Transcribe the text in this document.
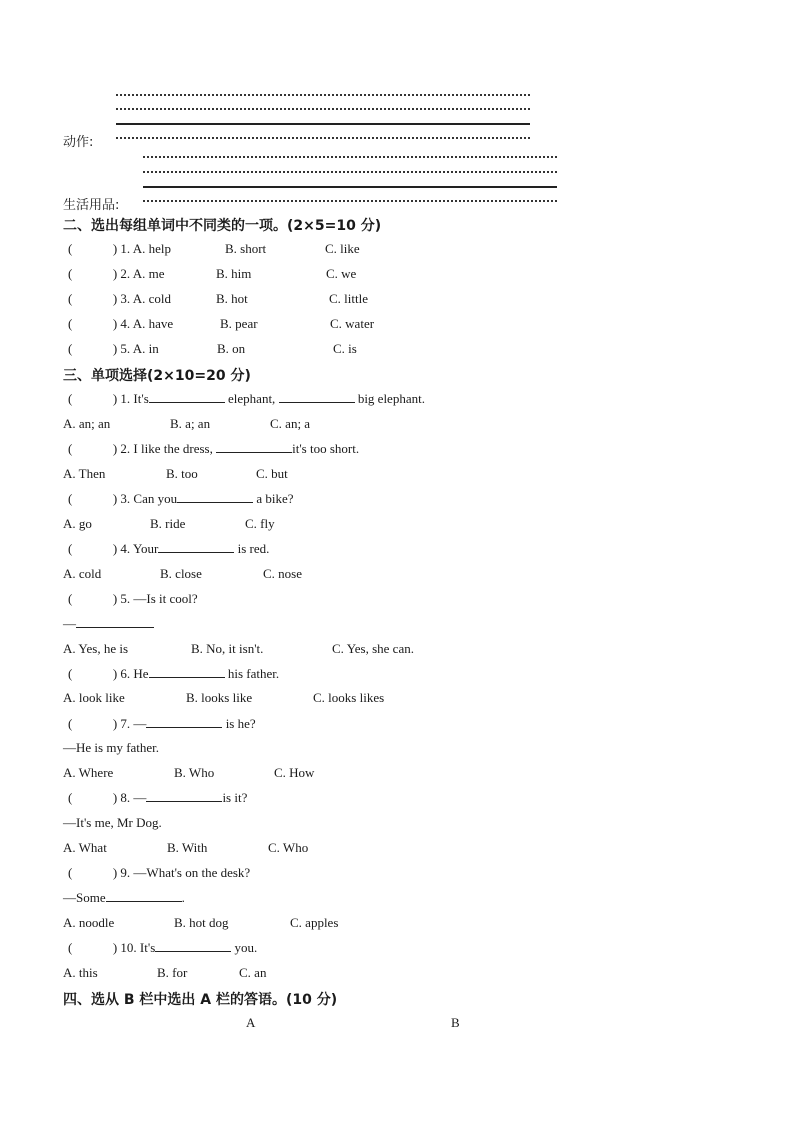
动作:
生活用品:
二、选出每组单词中不同类的一项。(2×5=10 分)
(	) 1. A. help	B. short	C. like
(	) 2. A. me	B. him	C. we
(	) 3. A. cold	B. hot	C. little
(	) 4. A. have	B. pear	C. water
(	) 5. A. in	B. on	C. is
三、单项选择(2×10=20 分)
(	) 1. It's	elephant,	big elephant.
A. an; an	B. a; an	C. an; a
(	) 2. I like the dress,	it's too short.
A. Then	B. too	C. but
(	) 3. Can you	a bike?
A. go	B. ride	C. fly
(	) 4. Your	is red.
A. cold	B. close	C. nose
(	) 5. —Is it cool?
—
A. Yes, he is	B. No, it isn't.	C. Yes, she can.
(	) 6. He	his father.
A. look like	B. looks like	C. looks likes
(	) 7. —	is he?
—He is my father.
A. Where	B. Who	C. How
(	) 8. —	is it?
—It's me, Mr Dog.
A. What	B. With	C. Who
(	) 9. —What's on the desk?
—Some	.
A. noodle	B. hot dog	C. apples
(	) 10. It's	you.
A. this	B. for	C. an
四、选从 B 栏中选出 A 栏的答语。(10 分)
A	B
